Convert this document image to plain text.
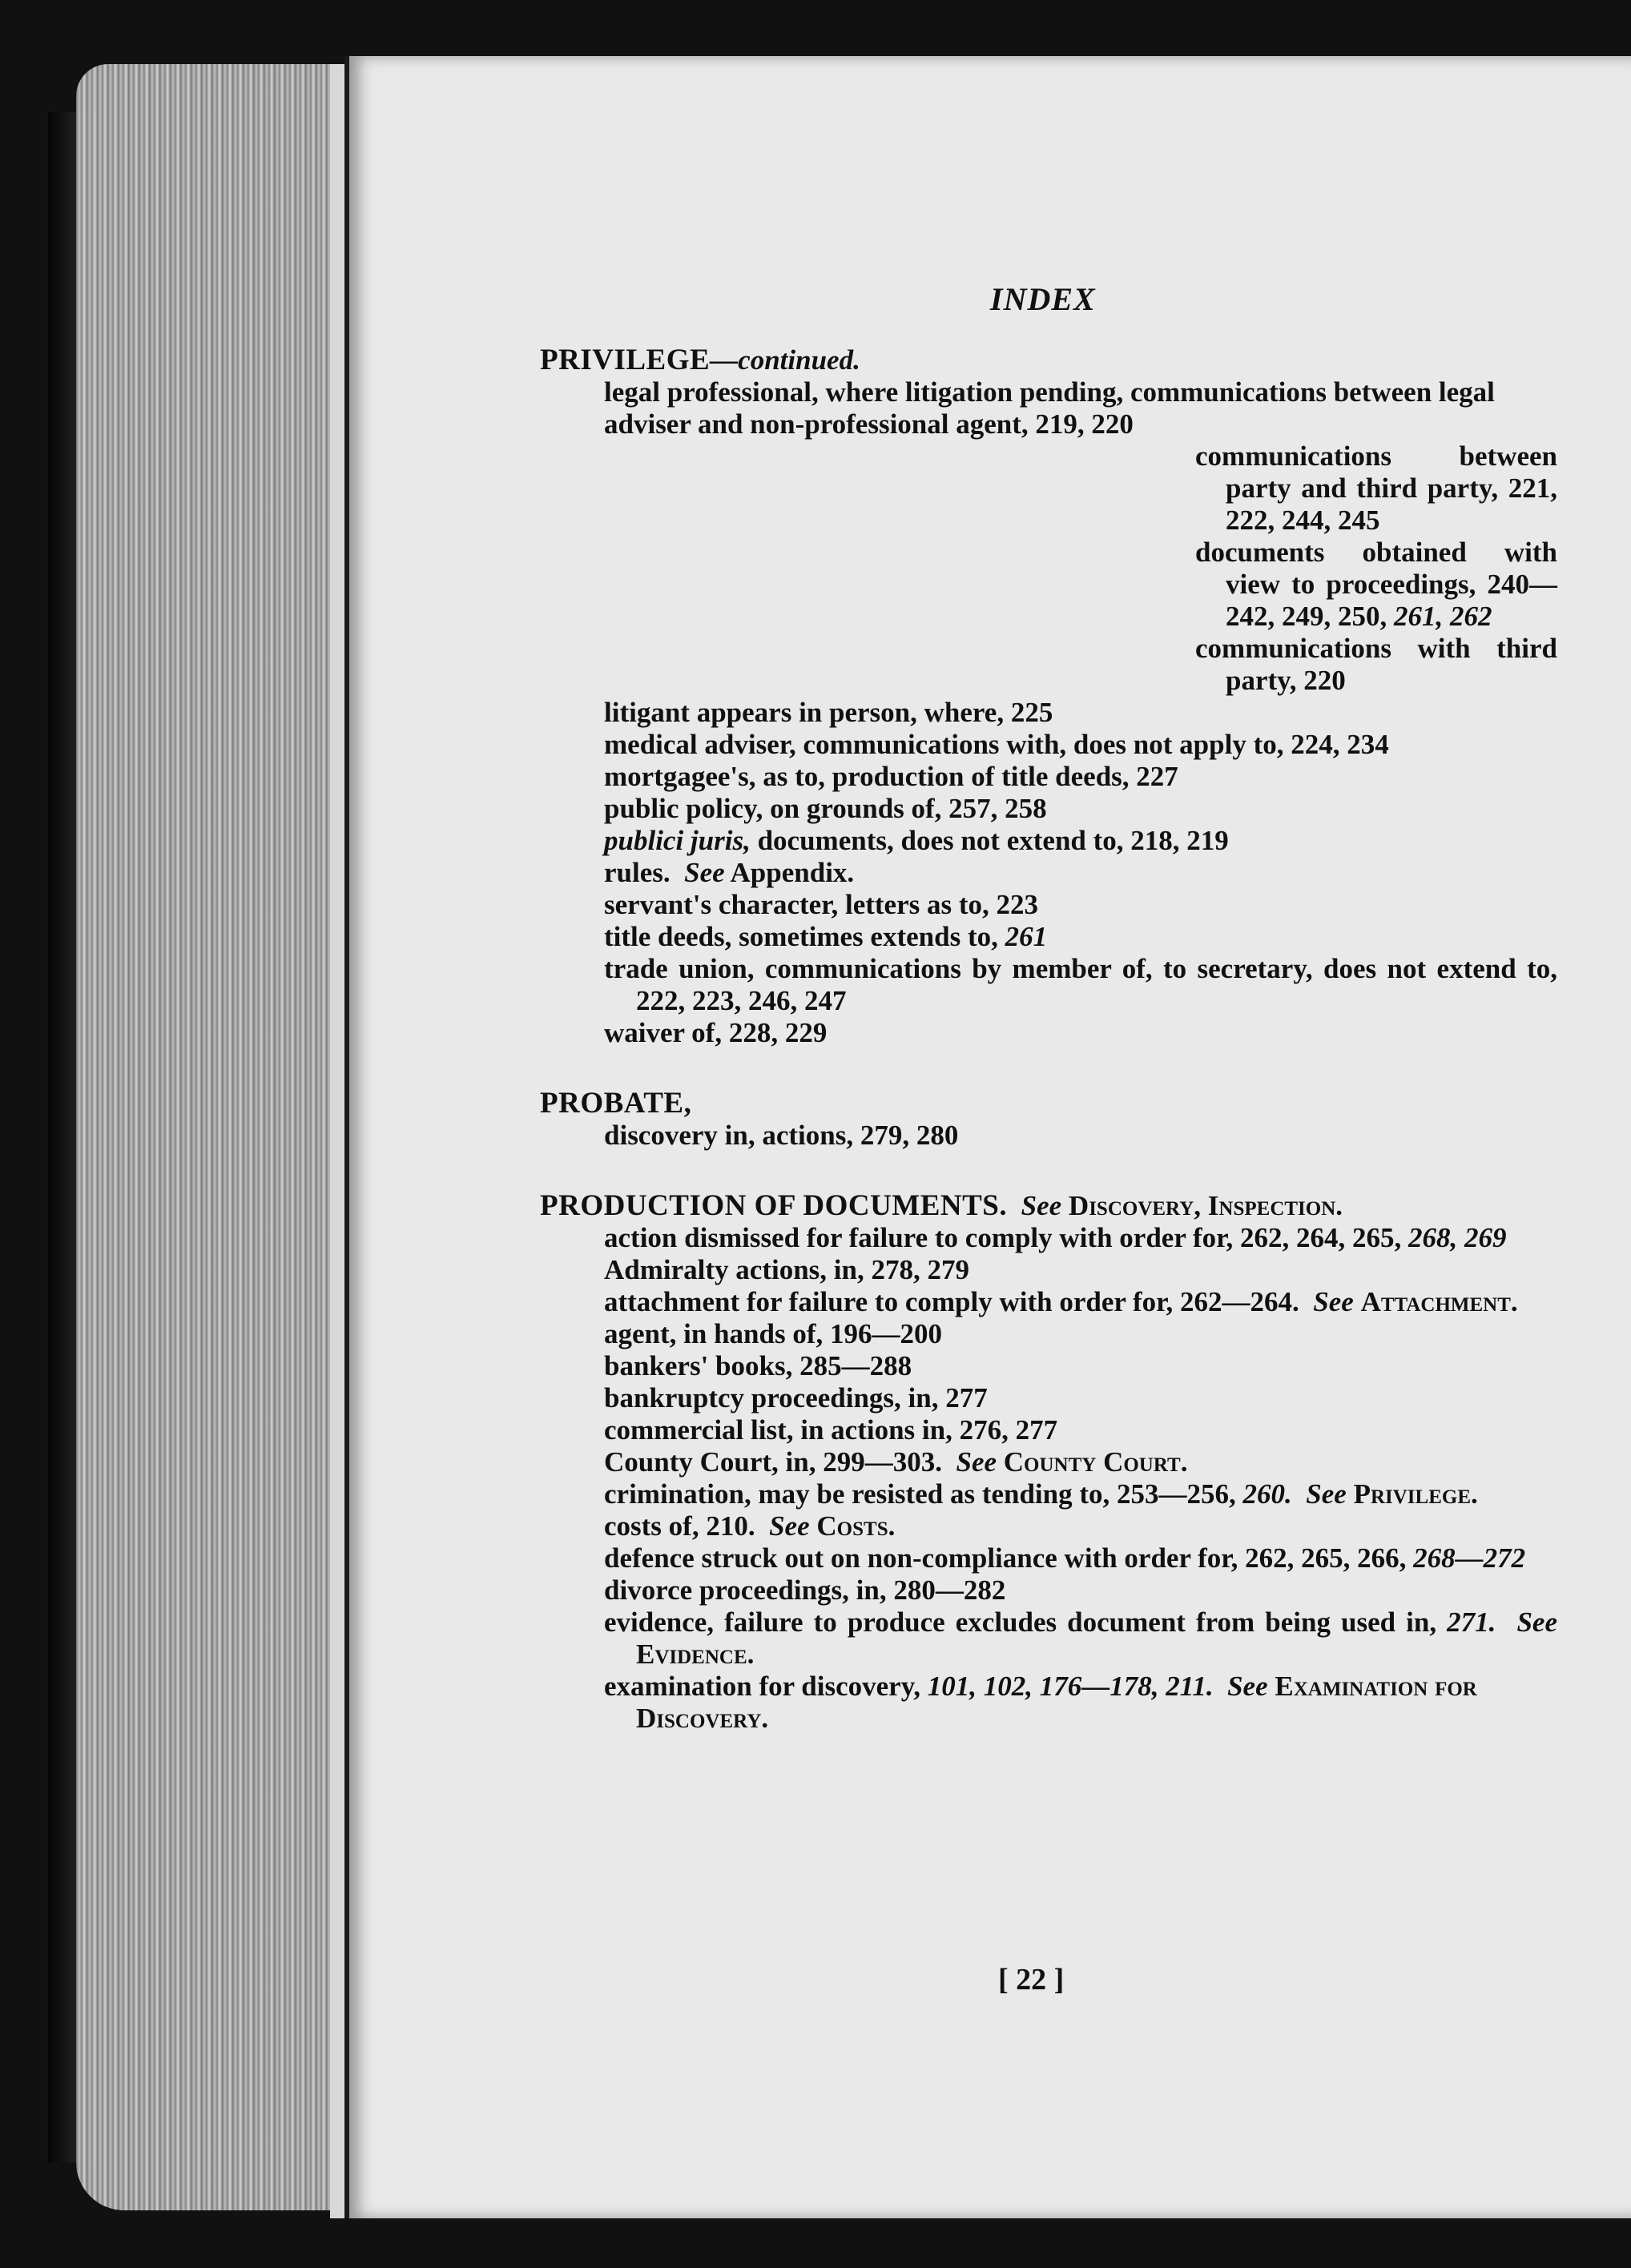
INDEX
PRIVILEGE—continued.
legal professional, where litigation pending, communications between legal adviser and non-professional agent, 219, 220
communications between party and third party, 221, 222, 244, 245
documents obtained with view to proceedings, 240—242, 249, 250, 261, 262
communications with third party, 220
litigant appears in person, where, 225
medical adviser, communications with, does not apply to, 224, 234
mortgagee's, as to, production of title deeds, 227
public policy, on grounds of, 257, 258
publici juris, documents, does not extend to, 218, 219
rules. See Appendix.
servant's character, letters as to, 223
title deeds, sometimes extends to, 261
trade union, communications by member of, to secretary, does not extend to, 222, 223, 246, 247
waiver of, 228, 229
PROBATE,
discovery in, actions, 279, 280
PRODUCTION OF DOCUMENTS. See Discovery, Inspection.
action dismissed for failure to comply with order for, 262, 264, 265, 268, 269
Admiralty actions, in, 278, 279
attachment for failure to comply with order for, 262—264. See Attachment.
agent, in hands of, 196—200
bankers' books, 285—288
bankruptcy proceedings, in, 277
commercial list, in actions in, 276, 277
County Court, in, 299—303. See County Court.
crimination, may be resisted as tending to, 253—256, 260. See Privilege.
costs of, 210. See Costs.
defence struck out on non-compliance with order for, 262, 265, 266, 268—272
divorce proceedings, in, 280—282
evidence, failure to produce excludes document from being used in, 271. See Evidence.
examination for discovery, 101, 102, 176—178, 211. See Examination for Discovery.
[ 22 ]
